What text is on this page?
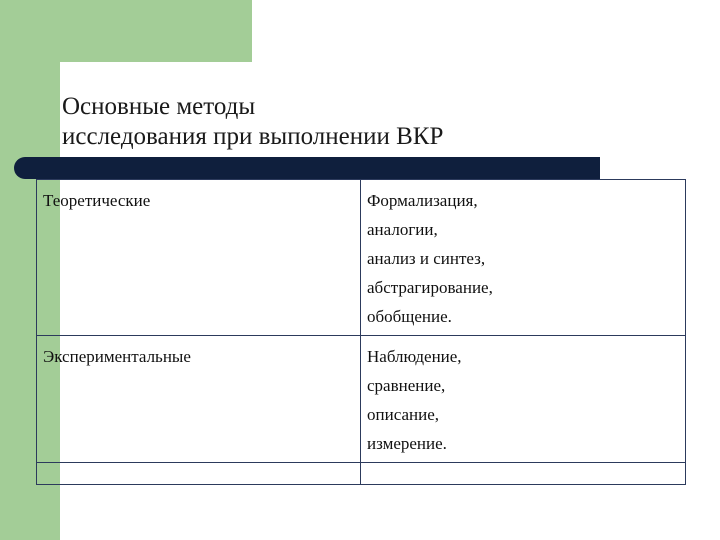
Основные методы
исследования при выполнении ВКР
Теоретические	Формализация,
аналогии,
анализ и синтез,
абстрагирование,
обобщение.

Экспериментальные	Наблюдение,
сравнение,
описание,
измерение.
